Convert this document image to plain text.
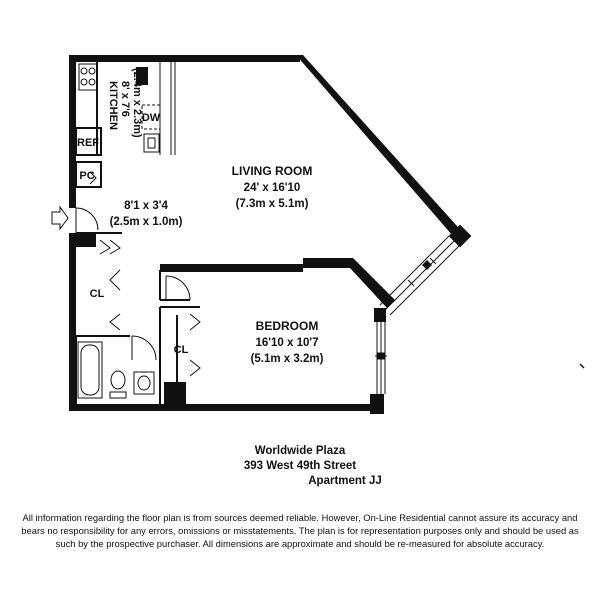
LIVING ROOM
24' x 16'10
(7.3m x 5.1m)
BEDROOM
16'10 x 10'7
(5.1m x 3.2m)
8'1 x 3'4
(2.5m x 1.0m)
KITCHEN 8' x 7'6 (2.4m x 2.3m)
DW
REF
PC
CL
CL
Worldwide Plaza
393 West 49th Street
Apartment JJ
All information regarding the floor plan is from sources deemed reliable. However, On-Line Residential cannot assure its accuracy and bears no responsibility for any errors, omissions or misstatements. The plan is for representation purposes only and should be used as such by the prospective purchaser. All dimensions are approximate and should be re-measured for absolute accuracy.
